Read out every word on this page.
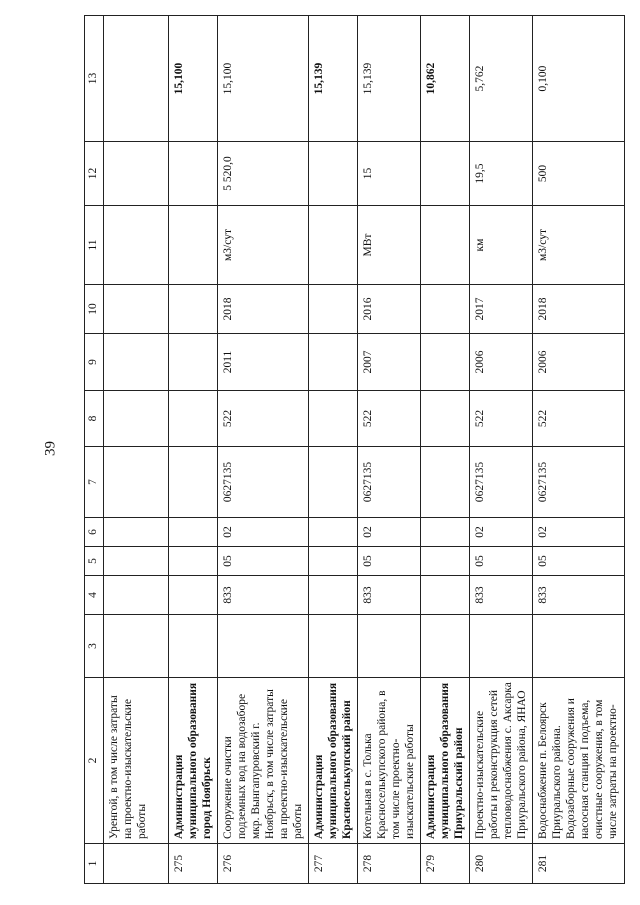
39
1	2	3	4	5	6	7	8	9	10	11	12	13
	Уренгой, в том числе затраты на проектно-изыскательские работы											
275	Администрация муниципального образования город Ноябрьск											15,100
276	Сооружение очистки подземных вод на водозаборе мкр. Вынгапуровский г. Ноябрьск, в том числе затраты на проектно-изыскательские работы		833	05	02	0627135	522	2011	2018	м3/сут	5 520,0	15,100
277	Администрация муниципального образования Красноселькупский район											15,139
278	Котельная в с. Толька Красноселькупского района, в том числе проектно-изыскательские работы		833	05	02	0627135	522	2007	2016	МВт	15	15,139
279	Администрация муниципального образования Приуральский район											10,862
280	Проектно-изыскательские работы и реконструкция сетей тепловодоснабжения с. Аксарка Приуральского района, ЯНАО		833	05	02	0627135	522	2006	2017	км	19,5	5,762
281	Водоснабжение п. Белоярск Приуральского района. Водозаборные сооружения и насосная станция I подъема, очистные сооружения, в том числе затраты на проектно-		833	05	02	0627135	522	2006	2018	м3/сут	500	0,100
